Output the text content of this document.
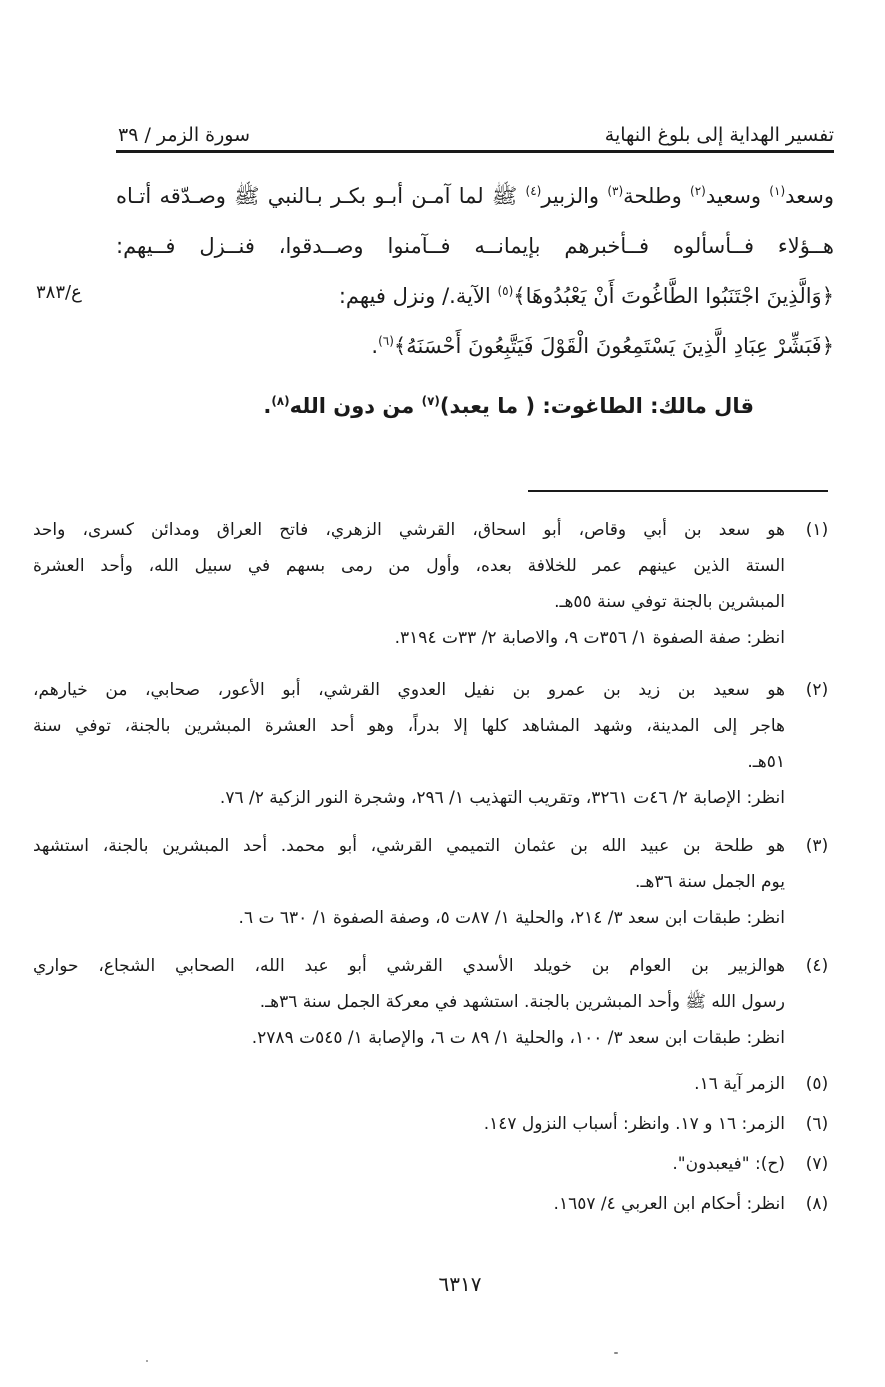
تفسير الهداية إلى بلوغ النهاية
سورة الزمر / ٣٩
ع/٣٨٣
وسعد$^{(١)}$ وسعيد$^{(٢)}$ وطلحة$^{(٣)}$ والزبير$^{(٤)}$ ﷺ لما آمـن أبـو بكـر بـالنبي ﷺ وصـدّقه أتـاه
هــؤلاء فــأسألوه فــأخبرهم بإيمانــه فــآمنوا وصــدقوا، فنــزل فــيهم:
﴿وَالَّذِينَ اجْتَنَبُوا الطَّاغُوتَ أَنْ يَعْبُدُوهَا﴾$^{(٥)}$ الآية./ ونزل فيهم:
﴿فَبَشِّرْ عِبَادِ الَّذِينَ يَسْتَمِعُونَ الْقَوْلَ فَيَتَّبِعُونَ أَحْسَنَهُ﴾$^{(٦)}$.
قال مالك: الطاغوت: ( ما يعبد)$^{(٧)}$ من دون الله$^{(٨)}$.
(١)
هو سعد بن أبي وقاص، أبو اسحاق، القرشي الزهري، فاتح العراق ومدائن كسرى، واحد
الستة الذين عينهم عمر للخلافة بعده، وأول من رمى بسهم في سبيل الله، وأحد العشرة
المبشرين بالجنة توفي سنة ٥٥هـ.
انظر: صفة الصفوة ١/ ٣٥٦ت ٩، والاصابة ٢/ ٣٣ت ٣١٩٤.
(٢)
هو سعيد بن زيد بن عمرو بن نفيل العدوي القرشي، أبو الأعور، صحابي، من خيارهم،
هاجر إلى المدينة، وشهد المشاهد كلها إلا بدراً، وهو أحد العشرة المبشرين بالجنة، توفي سنة
٥١هـ.
انظر: الإصابة ٢/ ٤٦ت ٣٢٦١، وتقريب التهذيب ١/ ٢٩٦، وشجرة النور الزكية ٢/ ٧٦.
(٣)
هو طلحة بن عبيد الله بن عثمان التميمي القرشي، أبو محمد. أحد المبشرين بالجنة، استشهد
يوم الجمل سنة ٣٦هـ.
انظر: طبقات ابن سعد ٣/ ٢١٤، والحلية ١/ ٨٧ت ٥، وصفة الصفوة ١/ ٦٣٠ ت ٦.
(٤)
هوالزبير بن العوام بن خويلد الأسدي القرشي أبو عبد الله، الصحابي الشجاع، حواري
رسول الله ﷺ وأحد المبشرين بالجنة. استشهد في معركة الجمل سنة ٣٦هـ.
انظر: طبقات ابن سعد ٣/ ١٠٠، والحلية ١/ ٨٩ ت ٦، والإصابة ١/ ٥٤٥ت ٢٧٨٩.
(٥)
الزمر آية ١٦.
(٦)
الزمر: ١٦ و ١٧. وانظر: أسباب النزول ١٤٧.
(٧)
(ح): "فيعبدون".
(٨)
انظر: أحكام ابن العربي ٤/ ١٦٥٧.
٦٣١٧
